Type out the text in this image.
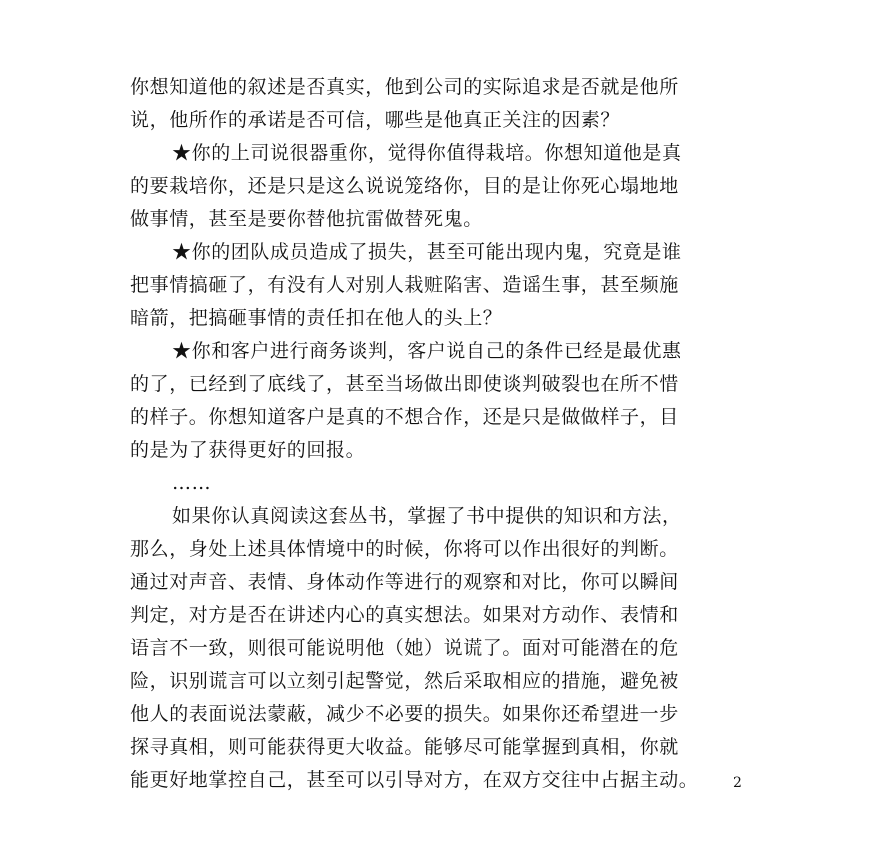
你想知道他的叙述是否真实，他到公司的实际追求是否就是他所
说，他所作的承诺是否可信，哪些是他真正关注的因素？
★你的上司说很器重你，觉得你值得栽培。你想知道他是真
的要栽培你，还是只是这么说说笼络你，目的是让你死心塌地地
做事情，甚至是要你替他抗雷做替死鬼。
★你的团队成员造成了损失，甚至可能出现内鬼，究竟是谁
把事情搞砸了，有没有人对别人栽赃陷害、造谣生事，甚至频施
暗箭，把搞砸事情的责任扣在他人的头上？
★你和客户进行商务谈判，客户说自己的条件已经是最优惠
的了，已经到了底线了，甚至当场做出即使谈判破裂也在所不惜
的样子。你想知道客户是真的不想合作，还是只是做做样子，目
的是为了获得更好的回报。
……
如果你认真阅读这套丛书，掌握了书中提供的知识和方法，
那么，身处上述具体情境中的时候，你将可以作出很好的判断。
通过对声音、表情、身体动作等进行的观察和对比，你可以瞬间
判定，对方是否在讲述内心的真实想法。如果对方动作、表情和
语言不一致，则很可能说明他（她）说谎了。面对可能潜在的危
险，识别谎言可以立刻引起警觉，然后采取相应的措施，避免被
他人的表面说法蒙蔽，减少不必要的损失。如果你还希望进一步
探寻真相，则可能获得更大收益。能够尽可能掌握到真相，你就
能更好地掌控自己，甚至可以引导对方，在双方交往中占据主动。	2
